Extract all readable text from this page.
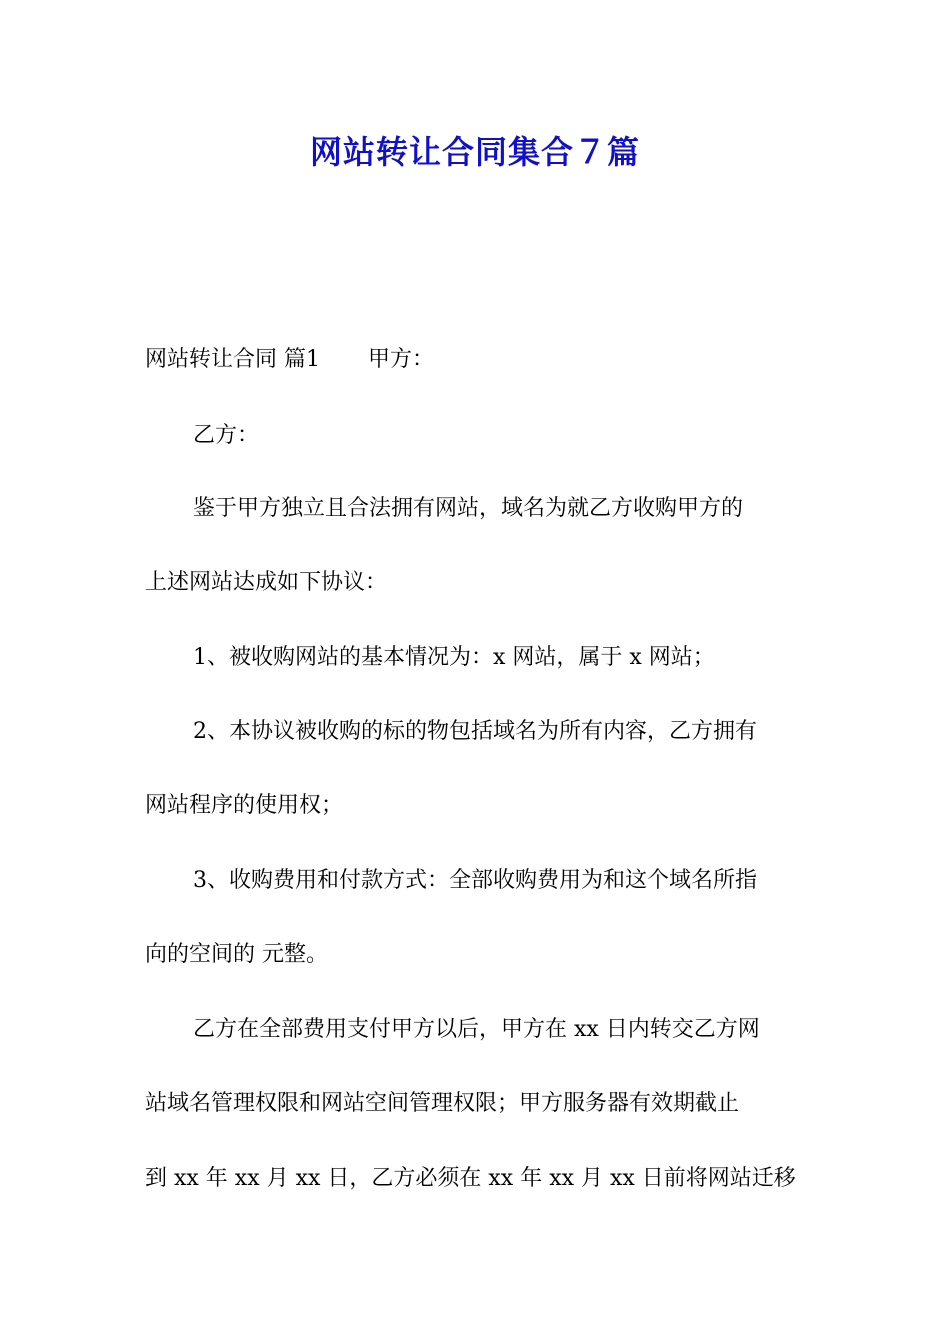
网站转让合同集合７篇
网站转让合同 篇1 甲方：
乙方：
鉴于甲方独立且合法拥有网站，域名为就乙方收购甲方的
上述网站达成如下协议：
1、被收购网站的基本情况为：x 网站，属于 x 网站；
2、本协议被收购的标的物包括域名为所有内容，乙方拥有
网站程序的使用权；
3、收购费用和付款方式：全部收购费用为和这个域名所指
向的空间的 元整。
乙方在全部费用支付甲方以后，甲方在 xx 日内转交乙方网
站域名管理权限和网站空间管理权限；甲方服务器有效期截止
到 xx 年 xx 月 xx 日，乙方必须在 xx 年 xx 月 xx 日前将网站迁移
